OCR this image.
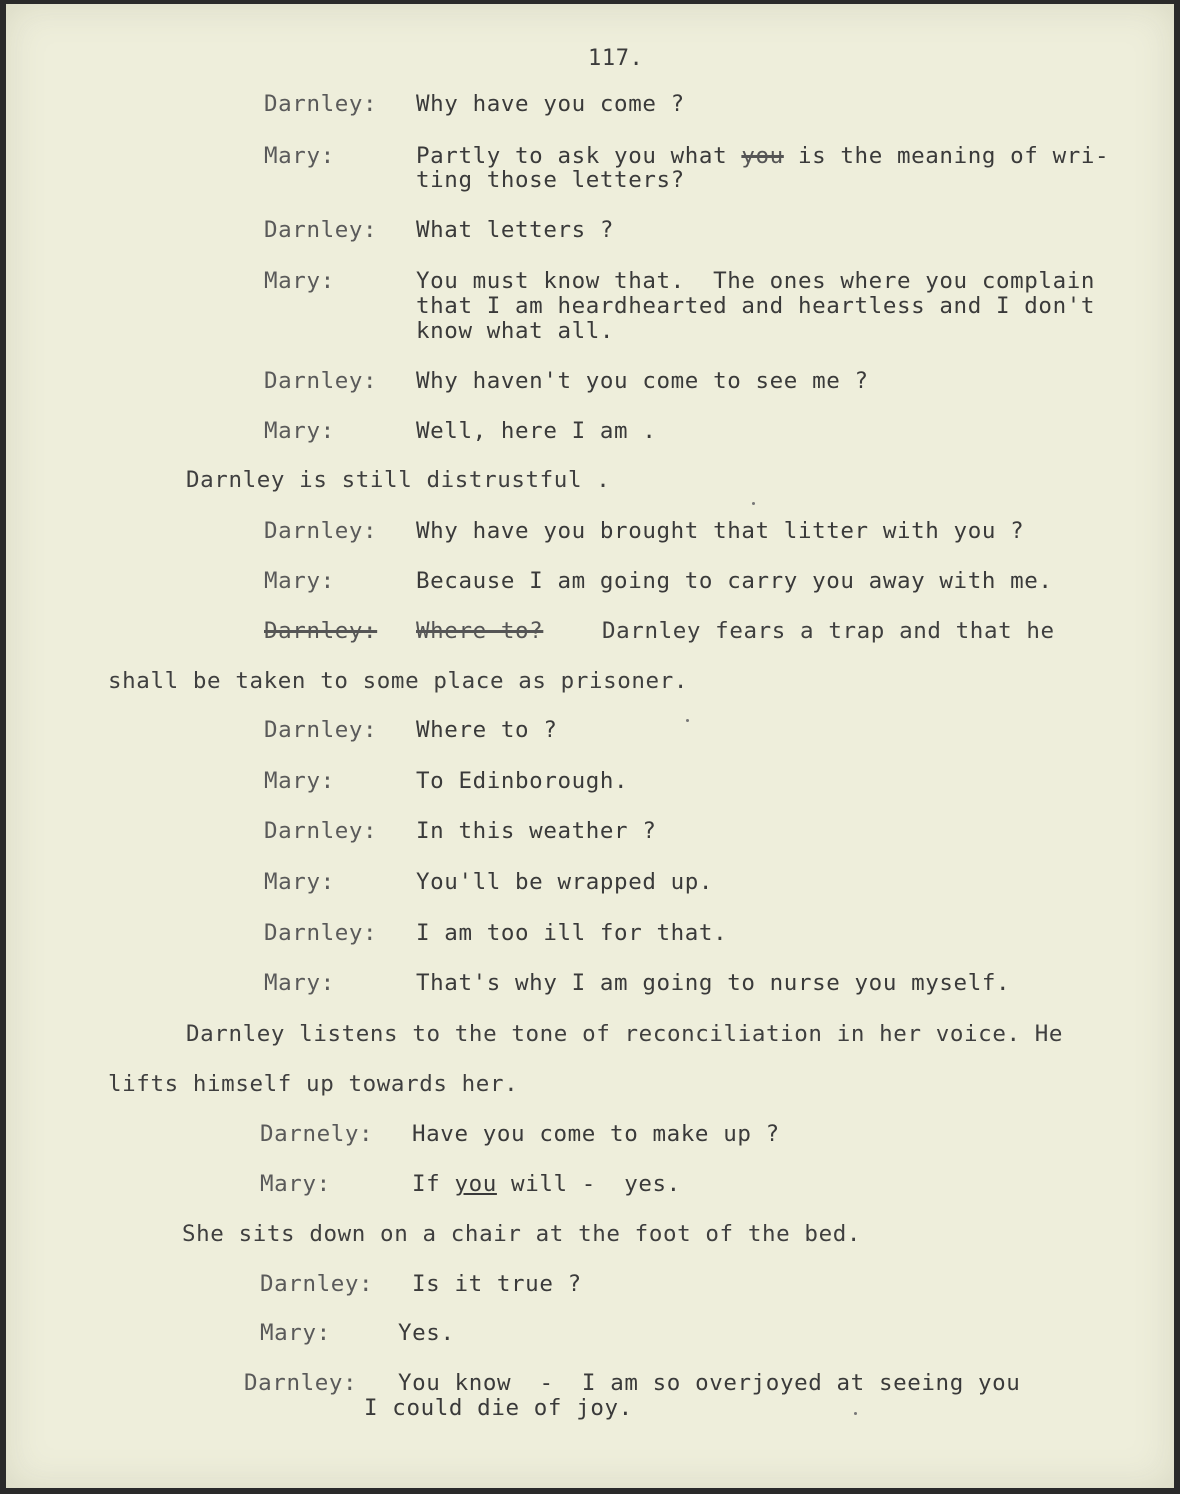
117.
Darnley: Why have you come ?
Mary:	Partly to ask you what you is the meaning of wri-
ting those letters?
Darnley: What letters ?
Mary:	You must know that.  The ones where you complain
that I am heardhearted and heartless and I don't
know what all.
Darnley: Why haven't you come to see me ?
Mary:	Well, here I am .
Darnley is still distrustful .
Darnley: Why have you brought that litter with you ?
Mary:	Because I am going to carry you away with me.
Darnley: Where to?	Darnley fears a trap and that he
shall be taken to some place as prisoner.
Darnley: Where to ?
Mary:	To Edinborough.
Darnley: In this weather ?
Mary:	You'll be wrapped up.
Darnley: I am too ill for that.
Mary:	That's why I am going to nurse you myself.
Darnley listens to the tone of reconciliation in her voice. He
lifts himself up towards her.
Darnely: Have you come to make up ?
Mary:	If you will -  yes.
She sits down on a chair at the foot of the bed.
Darnley: Is it true ?
Mary:	Yes.
Darnley: You know  -  I am so overjoyed at seeing you
I could die of joy.
